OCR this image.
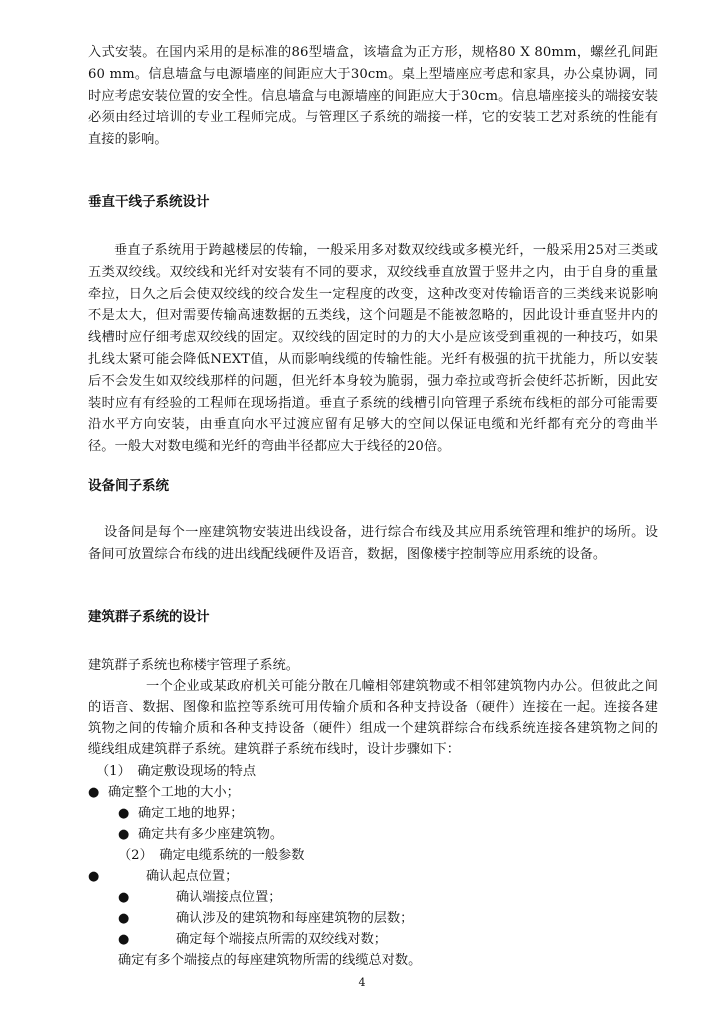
入式安装。在国内采用的是标准的86型墙盒，该墙盒为正方形，规格80 X 80mm，螺丝孔间距60 mm。信息墙盒与电源墙座的间距应大于30cm。桌上型墙座应考虑和家具，办公桌协调，同时应考虑安装位置的安全性。信息墙盒与电源墙座的间距应大于30cm。信息墙座接头的端接安装必须由经过培训的专业工程师完成。与管理区子系统的端接一样，它的安装工艺对系统的性能有直接的影响。

垂直干线子系统设计

垂直子系统用于跨越楼层的传输，一般采用多对数双绞线或多模光纤，一般采用25对三类或五类双绞线。双绞线和光纤对安装有不同的要求，双绞线垂直放置于竖井之内，由于自身的重量牵拉，日久之后会使双绞线的绞合发生一定程度的改变，这种改变对传输语音的三类线来说影响不是太大，但对需要传输高速数据的五类线，这个问题是不能被忽略的，因此设计垂直竖井内的线槽时应仔细考虑双绞线的固定。双绞线的固定时的力的大小是应该受到重视的一种技巧，如果扎线太紧可能会降低NEXT值，从而影响线缆的传输性能。光纤有极强的抗干扰能力，所以安装后不会发生如双绞线那样的问题，但光纤本身较为脆弱，强力牵拉或弯折会使纤芯折断，因此安装时应有有经验的工程师在现场指道。垂直子系统的线槽引向管理子系统布线柜的部分可能需要沿水平方向安装，由垂直向水平过渡应留有足够大的空间以保证电缆和光纤都有充分的弯曲半径。一般大对数电缆和光纤的弯曲半径都应大于线径的20倍。

设备间子系统

设备间是每个一座建筑物安装进出线设备，进行综合布线及其应用系统管理和维护的场所。设备间可放置综合布线的进出线配线硬件及语音，数据，图像楼宇控制等应用系统的设备。

建筑群子系统的设计

建筑群子系统也称楼宇管理子系统。

一个企业或某政府机关可能分散在几幢相邻建筑物或不相邻建筑物内办公。但彼此之间的语音、数据、图像和监控等系统可用传输介质和各种支持设备（硬件）连接在一起。连接各建筑物之间的传输介质和各种支持设备（硬件）组成一个建筑群综合布线系统连接各建筑物之间的缆线组成建筑群子系统。建筑群子系统布线时，设计步骤如下：

（1）　确定敷设现场的特点

● 确定整个工地的大小；

● 确定工地的地界；

● 确定共有多少座建筑物。

（2）　确定电缆系统的一般参数

●	确认起点位置；

●	确认端接点位置；

●	确认涉及的建筑物和每座建筑物的层数；

●	确定每个端接点所需的双绞线对数；

确定有多个端接点的每座建筑物所需的线缆总对数。

4
